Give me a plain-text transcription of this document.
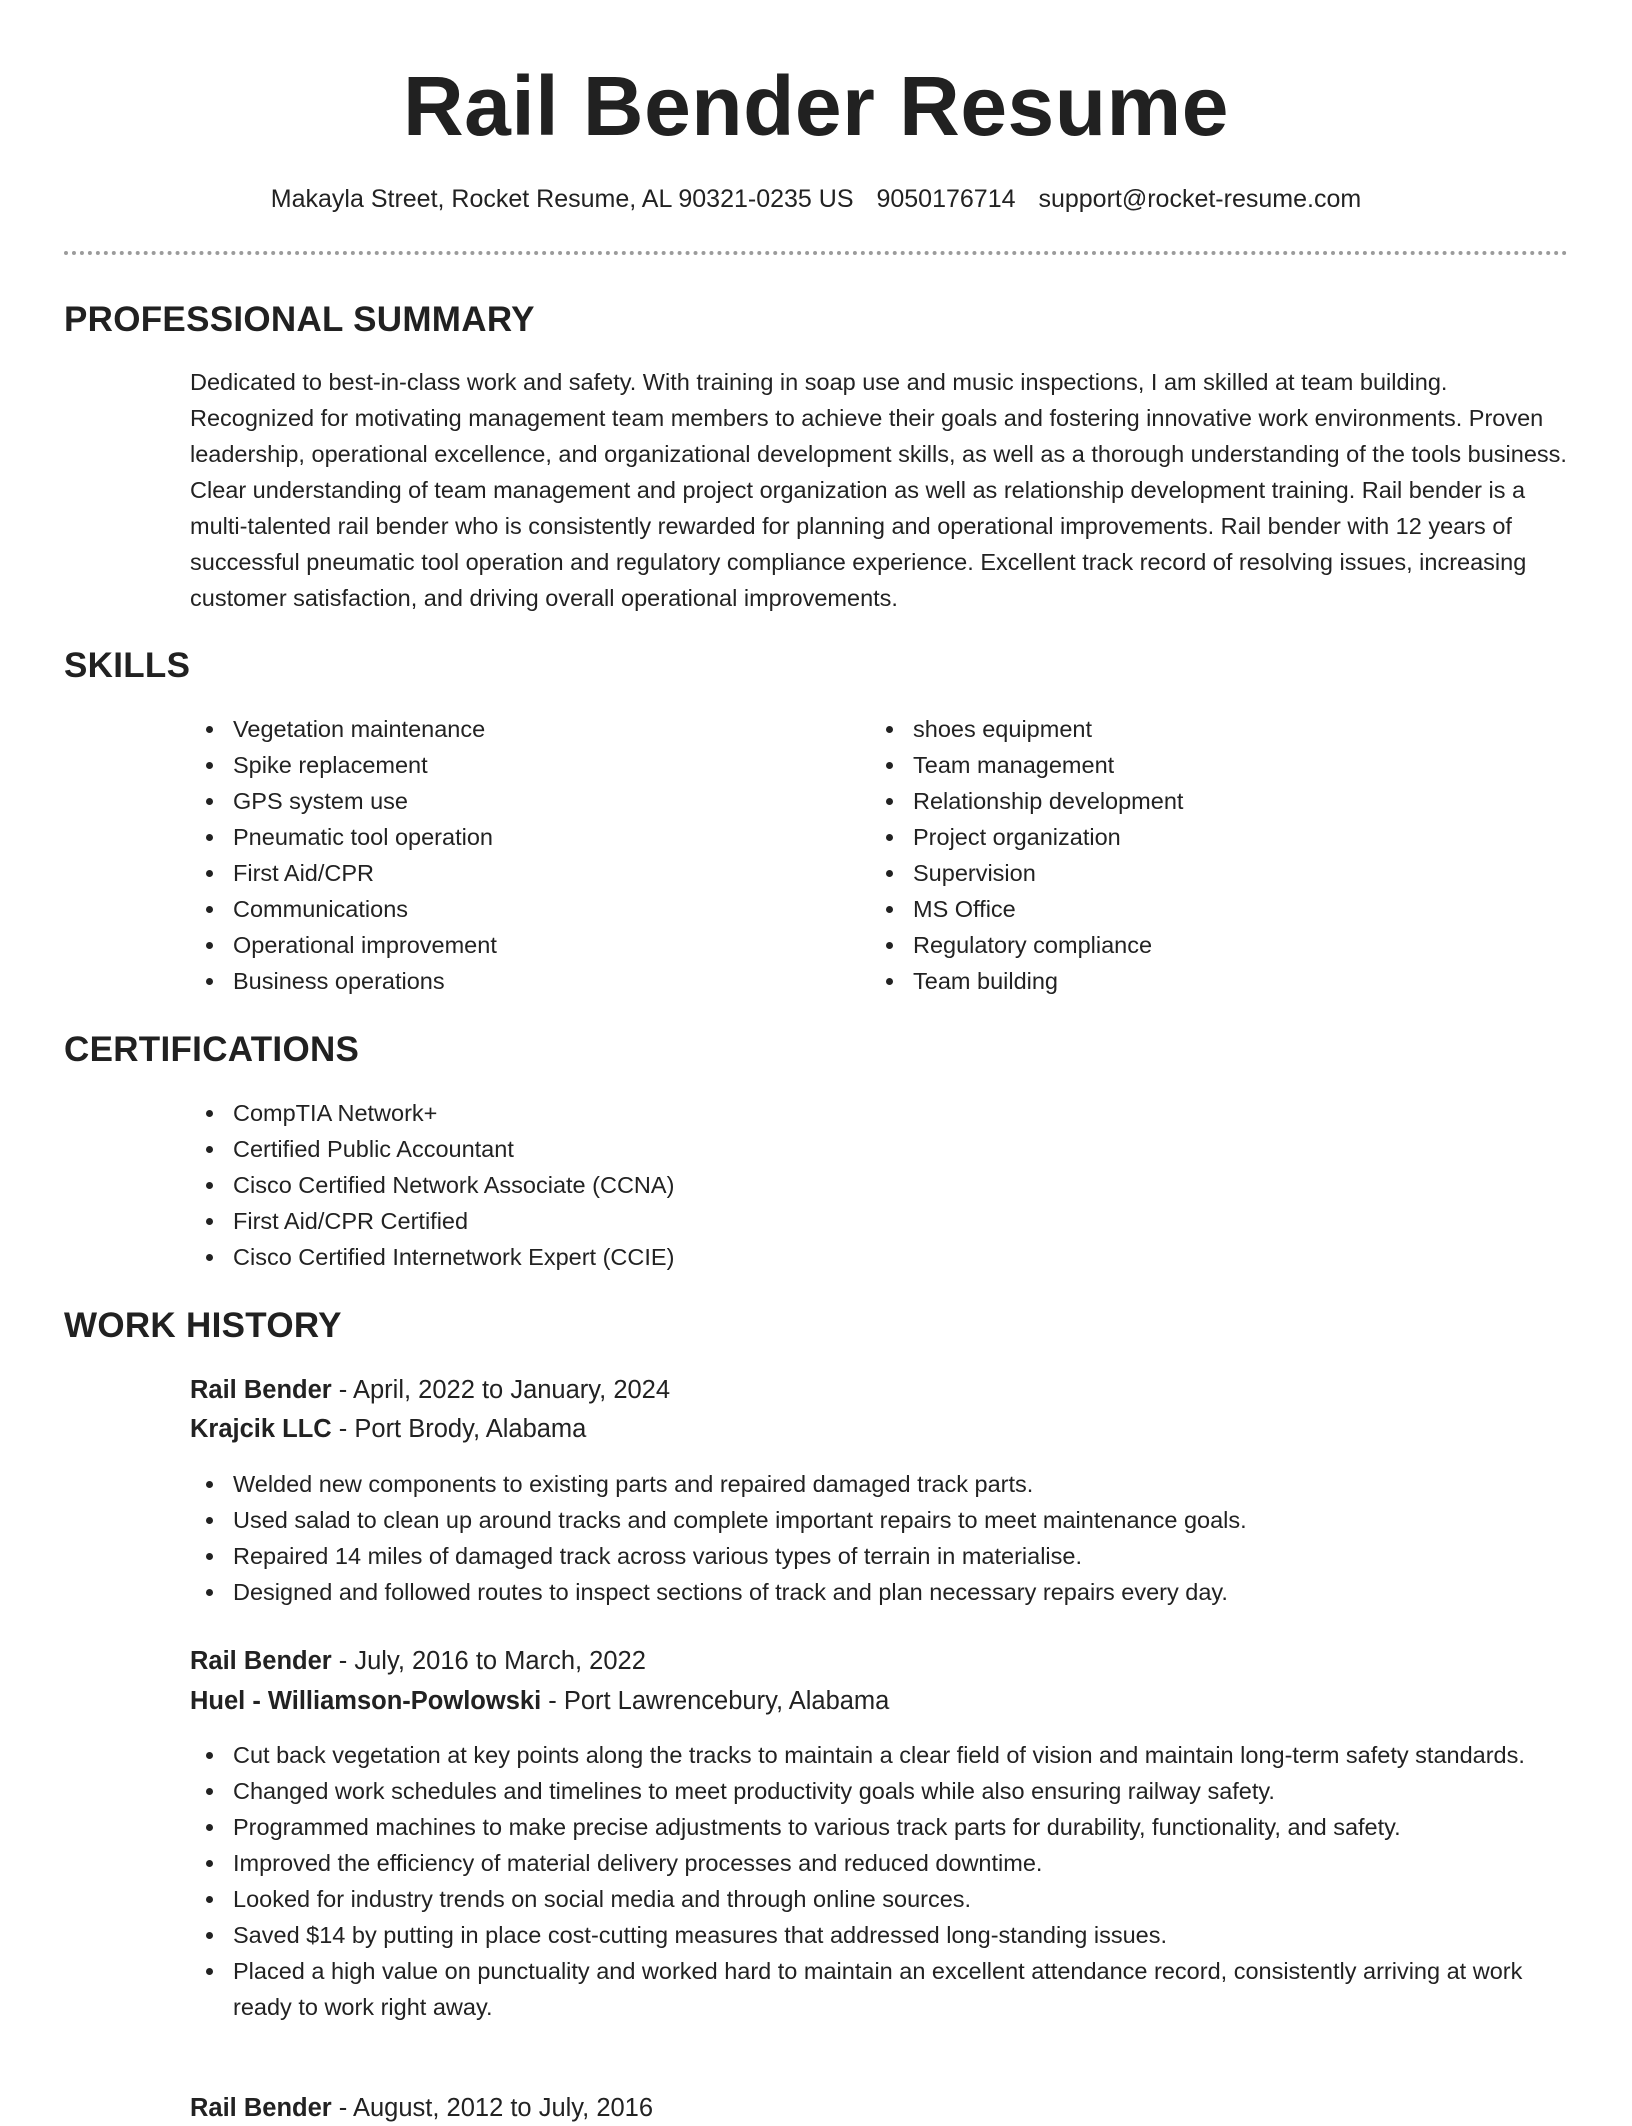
Rail Bender Resume
Makayla Street, Rocket Resume, AL 90321-0235 US 9050176714 support@rocket-resume.com
PROFESSIONAL SUMMARY

Dedicated to best-in-class work and safety. With training in soap use and music inspections, I am skilled at team building. Recognized for motivating management team members to achieve their goals and fostering innovative work environments. Proven leadership, operational excellence, and organizational development skills, as well as a thorough understanding of the tools business. Clear understanding of team management and project organization as well as relationship development training. Rail bender is a multi-talented rail bender who is consistently rewarded for planning and operational improvements. Rail bender with 12 years of successful pneumatic tool operation and regulatory compliance experience. Excellent track record of resolving issues, increasing customer satisfaction, and driving overall operational improvements.

SKILLS
Vegetation maintenance
Spike replacement
GPS system use
Pneumatic tool operation
First Aid/CPR
Communications
Operational improvement
Business operations
shoes equipment
Team management
Relationship development
Project organization
Supervision
MS Office
Regulatory compliance
Team building
CERTIFICATIONS
CompTIA Network+
Certified Public Accountant
Cisco Certified Network Associate (CCNA)
First Aid/CPR Certified
Cisco Certified Internetwork Expert (CCIE)
WORK HISTORY
Rail Bender - April, 2022 to January, 2024
Krajcik LLC - Port Brody, Alabama
Welded new components to existing parts and repaired damaged track parts.
Used salad to clean up around tracks and complete important repairs to meet maintenance goals.
Repaired 14 miles of damaged track across various types of terrain in materialise.
Designed and followed routes to inspect sections of track and plan necessary repairs every day.
Rail Bender - July, 2016 to March, 2022
Huel - Williamson-Powlowski - Port Lawrencebury, Alabama
Cut back vegetation at key points along the tracks to maintain a clear field of vision and maintain long-term safety standards.
Changed work schedules and timelines to meet productivity goals while also ensuring railway safety.
Programmed machines to make precise adjustments to various track parts for durability, functionality, and safety.
Improved the efficiency of material delivery processes and reduced downtime.
Looked for industry trends on social media and through online sources.
Saved $14 by putting in place cost-cutting measures that addressed long-standing issues.
Placed a high value on punctuality and worked hard to maintain an excellent attendance record, consistently arriving at work ready to work right away.
Rail Bender - August, 2012 to July, 2016
